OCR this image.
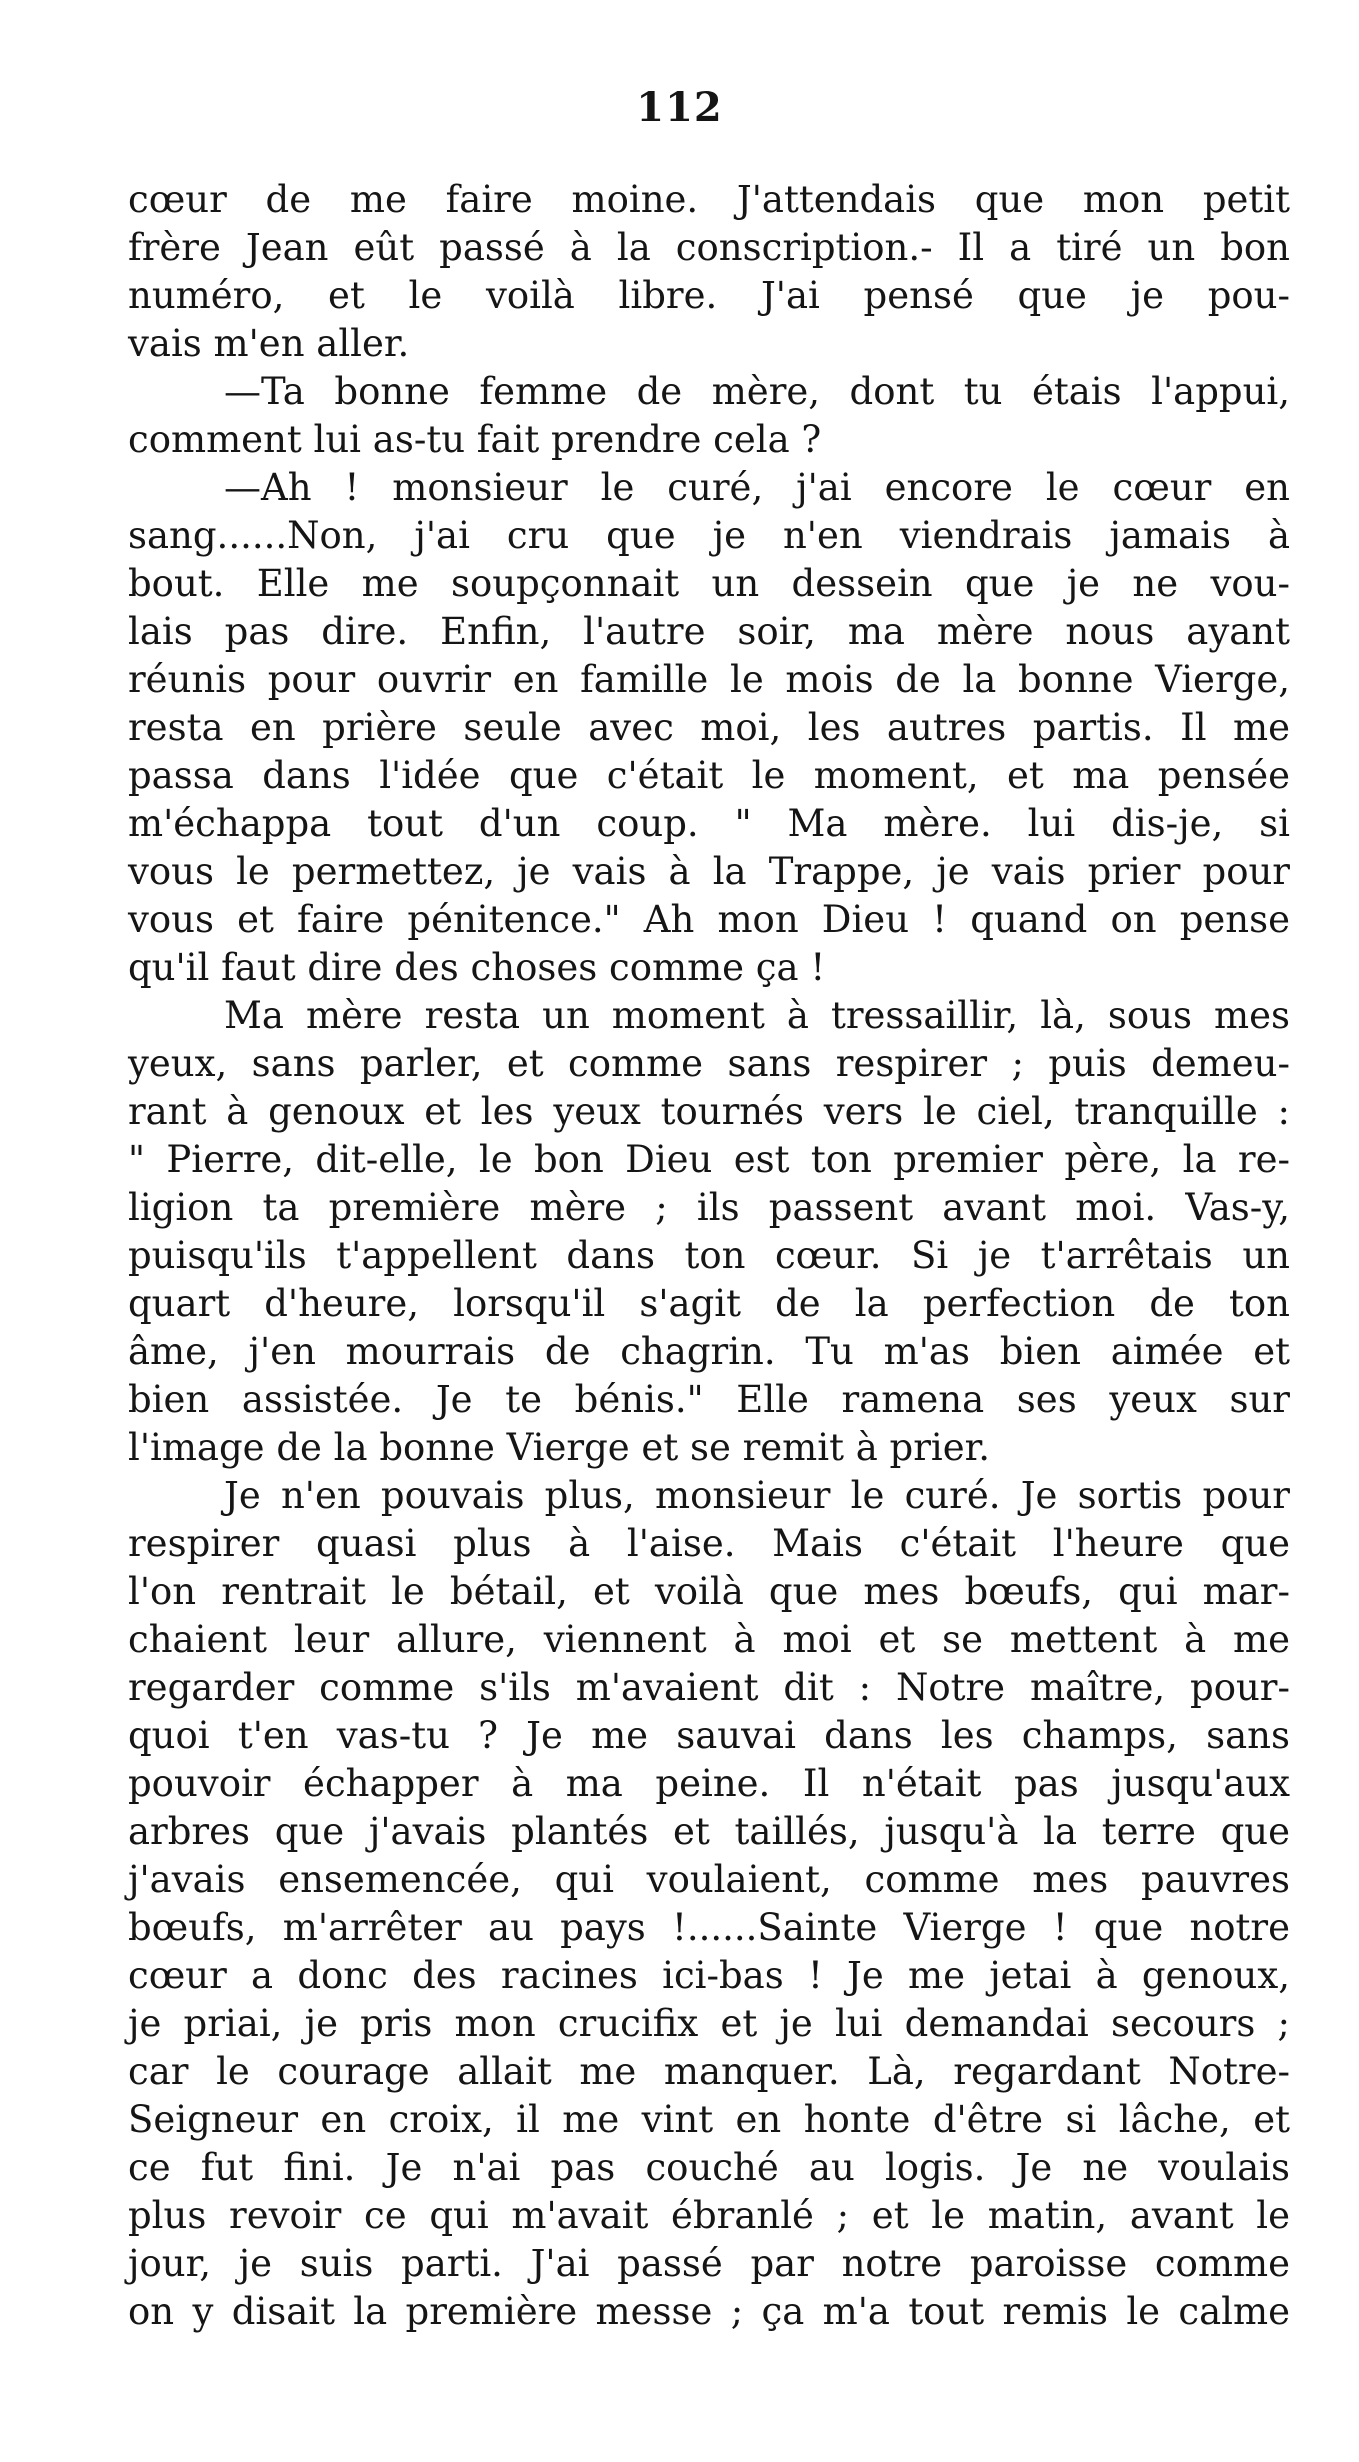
112
cœur de me faire moine. J'attendais que mon petit
frère Jean eût passé à la conscription.- Il a tiré un bon
numéro, et le voilà libre. J'ai pensé que je pou-
vais m'en aller.
—Ta bonne femme de mère, dont tu étais l'appui,
comment lui as-tu fait prendre cela ?
—Ah ! monsieur le curé, j'ai encore le cœur en
sang......Non, j'ai cru que je n'en viendrais jamais à
bout. Elle me soupçonnait un dessein que je ne vou-
lais pas dire. Enfin, l'autre soir, ma mère nous ayant
réunis pour ouvrir en famille le mois de la bonne Vierge,
resta en prière seule avec moi, les autres partis. Il me
passa dans l'idée que c'était le moment, et ma pensée
m'échappa tout d'un coup. " Ma mère. lui dis-je, si
vous le permettez, je vais à la Trappe, je vais prier pour
vous et faire pénitence." Ah mon Dieu ! quand on pense
qu'il faut dire des choses comme ça !
Ma mère resta un moment à tressaillir, là, sous mes
yeux, sans parler, et comme sans respirer ; puis demeu-
rant à genoux et les yeux tournés vers le ciel, tranquille :
" Pierre, dit-elle, le bon Dieu est ton premier père, la re-
ligion ta première mère ; ils passent avant moi. Vas-y,
puisqu'ils t'appellent dans ton cœur. Si je t'arrêtais un
quart d'heure, lorsqu'il s'agit de la perfection de ton
âme, j'en mourrais de chagrin. Tu m'as bien aimée et
bien assistée. Je te bénis." Elle ramena ses yeux sur
l'image de la bonne Vierge et se remit à prier.
Je n'en pouvais plus, monsieur le curé. Je sortis pour
respirer quasi plus à l'aise. Mais c'était l'heure que
l'on rentrait le bétail, et voilà que mes bœufs, qui mar-
chaient leur allure, viennent à moi et se mettent à me
regarder comme s'ils m'avaient dit : Notre maître, pour-
quoi t'en vas-tu ? Je me sauvai dans les champs, sans
pouvoir échapper à ma peine. Il n'était pas jusqu'aux
arbres que j'avais plantés et taillés, jusqu'à la terre que
j'avais ensemencée, qui voulaient, comme mes pauvres
bœufs, m'arrêter au pays !......Sainte Vierge ! que notre
cœur a donc des racines ici-bas ! Je me jetai à genoux,
je priai, je pris mon crucifix et je lui demandai secours ;
car le courage allait me manquer. Là, regardant Notre-
Seigneur en croix, il me vint en honte d'être si lâche, et
ce fut fini. Je n'ai pas couché au logis. Je ne voulais
plus revoir ce qui m'avait ébranlé ; et le matin, avant le
jour, je suis parti. J'ai passé par notre paroisse comme
on y disait la première messe ; ça m'a tout remis le calme
